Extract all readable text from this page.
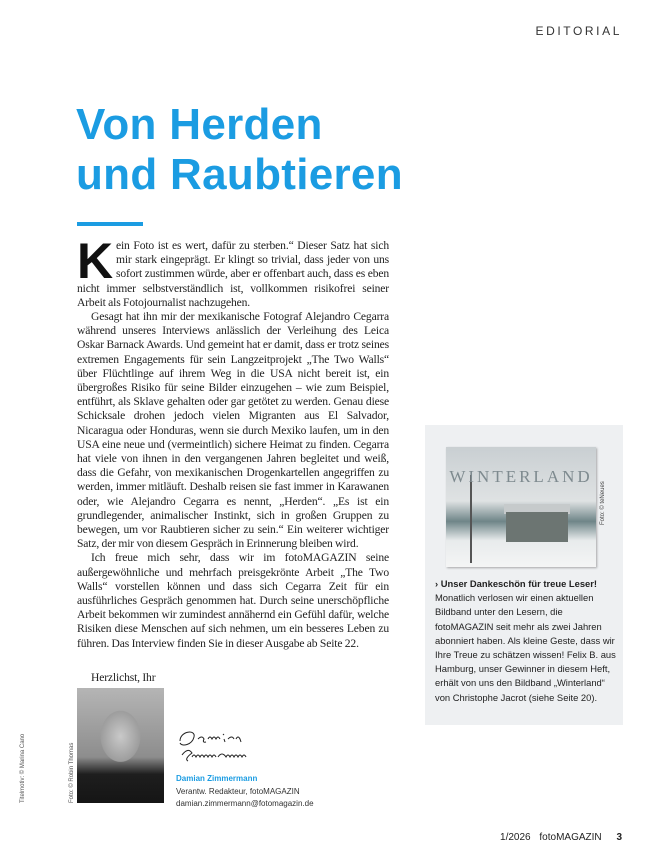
EDITORIAL
Von Herden
und Raubtieren

Kein Foto ist es wert, dafür zu sterben.“ Dieser Satz hat sich mir stark eingeprägt. Er klingt so trivial, dass jeder von uns sofort zustimmen würde, aber er offenbart auch, dass es eben nicht immer selbstverständlich ist, vollkommen risikofrei seiner Arbeit als Fotojournalist nachzugehen.

Gesagt hat ihn mir der mexikanische Fotograf Alejandro Cegarra während unseres Interviews anlässlich der Verleihung des Leica Oskar Barnack Awards. Und gemeint hat er damit, dass er trotz seines extremen Engagements für sein Langzeitprojekt „The Two Walls“ über Flüchtlinge auf ihrem Weg in die USA nicht bereit ist, ein übergroßes Risiko für seine Bilder einzugehen – wie zum Beispiel, entführt, als Sklave gehalten oder gar getötet zu werden. Genau diese Schicksale drohen jedoch vielen Migranten aus El Salvador, Nicaragua oder Honduras, wenn sie durch Mexiko laufen, um in den USA eine neue und (vermeintlich) sichere Heimat zu finden. Cegarra hat viele von ihnen in den vergangenen Jahren begleitet und weiß, dass die Gefahr, von mexikanischen Drogenkartellen angegriffen zu werden, immer mitläuft. Deshalb reisen sie fast immer in Karawanen oder, wie Alejandro Cegarra es nennt, „Herden“. „Es ist ein grundlegender, animalischer Instinkt, sich in großen Gruppen zu bewegen, um vor Raubtieren sicher zu sein.“ Ein weiterer wichtiger Satz, der mir von diesem Gespräch in Erinnerung bleiben wird.

Ich freue mich sehr, dass wir im fotoMAGAZIN seine außergewöhnliche und mehrfach preisgekrönte Arbeit „The Two Walls“ vorstellen können und dass sich Cegarra Zeit für ein ausführliches Gespräch genommen hat. Durch seine unerschöpfliche Arbeit bekommen wir zumindest annähernd ein Gefühl dafür, welche Risiken diese Menschen auf sich nehmen, um ein besseres Leben zu führen. Das Interview finden Sie in dieser Ausgabe ab Seite 22.

Herzlichst, Ihr
WINTERLAND
Foto: © teNeues
› Unser Dankeschön für treue Leser!
Monatlich verlosen wir einen aktuellen Bildband unter den Lesern, die fotoMAGAZIN seit mehr als zwei Jahren abonniert haben. Als kleine Geste, dass wir Ihre Treue zu schätzen wissen! Felix B. aus Hamburg, unser Gewinner in diesem Heft, erhält von uns den Bildband „Winterland“ von Christophe Jacrot (siehe Seite 20).
Titelmotiv: © Marina Cano	Foto: © Robin Thomas	Damian Zimmermann
Verantw. Redakteur, fotoMAGAZIN
damian.zimmermann@fotomagazin.de
1/2026 fotoMAGAZIN 3
